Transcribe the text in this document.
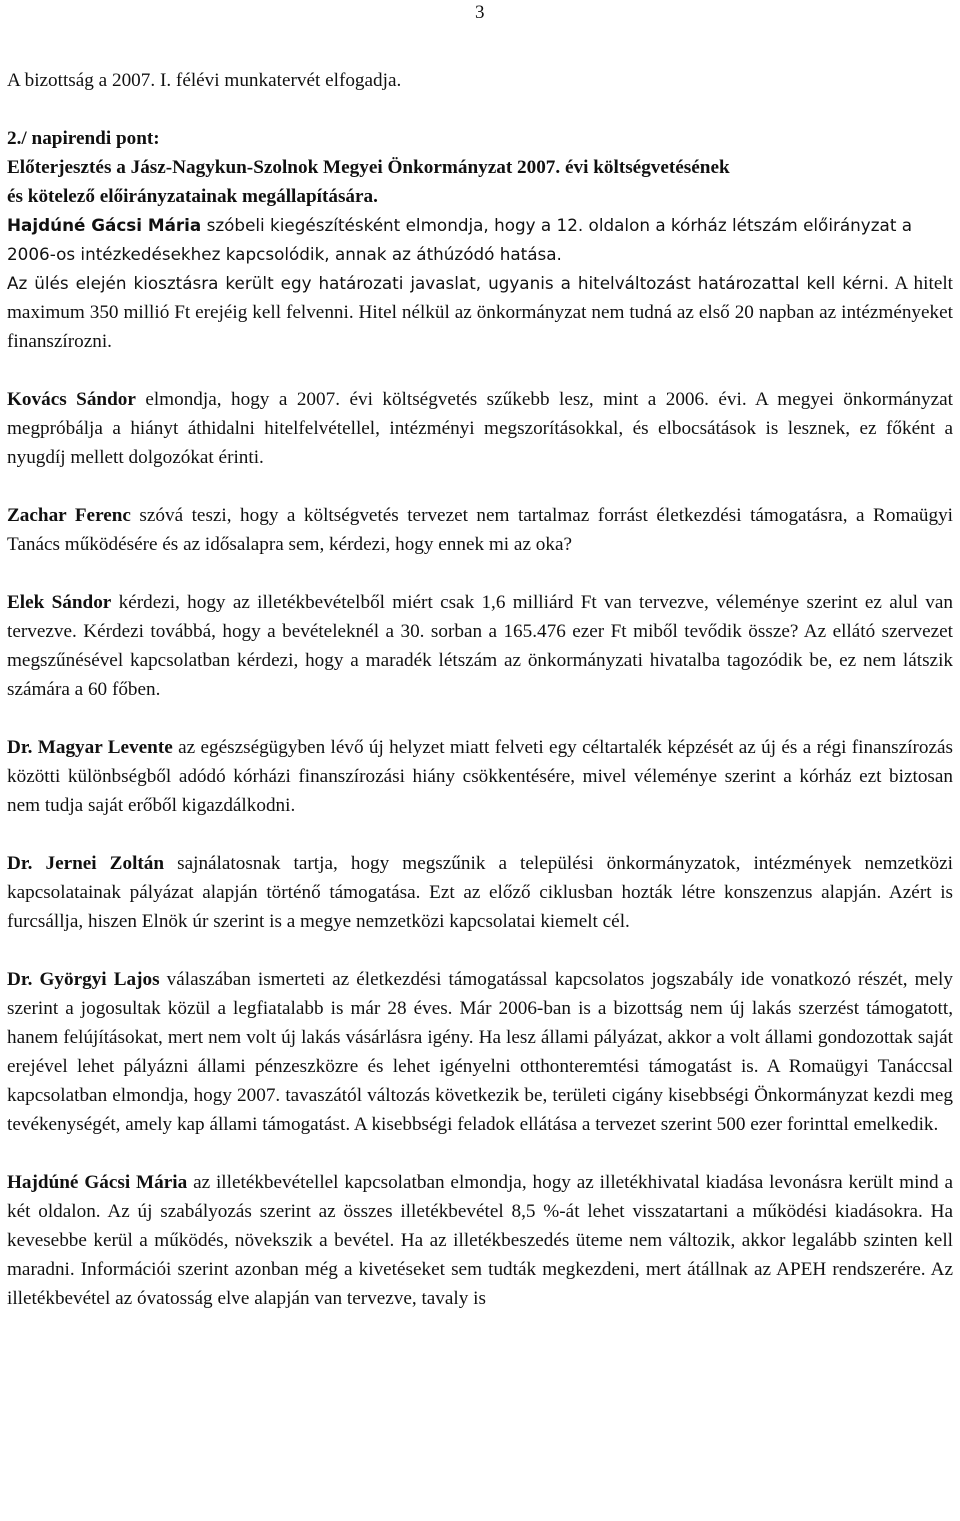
3

A bizottság a 2007. I. félévi munkatervét elfogadja.

2./ napirendi pont:
Előterjesztés a Jász-Nagykun-Szolnok Megyei Önkormányzat 2007. évi költségvetésének
és kötelező előirányzatainak megállapítására.

Hajdúné Gácsi Mária szóbeli kiegészítésként elmondja, hogy a 12. oldalon a kórház létszám előirányzat a 2006-os intézkedésekhez kapcsolódik, annak az áthúzódó hatása.

Az ülés elején kiosztásra került egy határozati javaslat, ugyanis a hitelváltozást határozattal kell kérni. A hitelt maximum 350 millió Ft erejéig kell felvenni. Hitel nélkül az önkormányzat nem tudná az első 20 napban az intézményeket finanszírozni.

Kovács Sándor elmondja, hogy a 2007. évi költségvetés szűkebb lesz, mint a 2006. évi. A megyei önkormányzat megpróbálja a hiányt áthidalni hitelfelvétellel, intézményi megszorításokkal, és elbocsátások is lesznek, ez főként a nyugdíj mellett dolgozókat érinti.

Zachar Ferenc szóvá teszi, hogy a költségvetés tervezet nem tartalmaz forrást életkezdési támogatásra, a Romaügyi Tanács működésére és az idősalapra sem, kérdezi, hogy ennek mi az oka?

Elek Sándor kérdezi, hogy az illetékbevételből miért csak 1,6 milliárd Ft van tervezve, véleménye szerint ez alul van tervezve. Kérdezi továbbá, hogy a bevételeknél a 30. sorban a 165.476 ezer Ft miből tevődik össze? Az ellátó szervezet megszűnésével kapcsolatban kérdezi, hogy a maradék létszám az önkormányzati hivatalba tagozódik be, ez nem látszik számára a 60 főben.

Dr. Magyar Levente az egészségügyben lévő új helyzet miatt felveti egy céltartalék képzését az új és a régi finanszírozás közötti különbségből adódó kórházi finanszírozási hiány csökkentésére, mivel véleménye szerint a kórház ezt biztosan nem tudja saját erőből kigazdálkodni.

Dr. Jernei Zoltán sajnálatosnak tartja, hogy megszűnik a települési önkormányzatok, intézmények nemzetközi kapcsolatainak pályázat alapján történő támogatása. Ezt az előző ciklusban hozták létre konszenzus alapján. Azért is furcsállja, hiszen Elnök úr szerint is a megye nemzetközi kapcsolatai kiemelt cél.

Dr. Györgyi Lajos válaszában ismerteti az életkezdési támogatással kapcsolatos jogszabály ide vonatkozó részét, mely szerint a jogosultak közül a legfiatalabb is már 28 éves. Már 2006-ban is a bizottság nem új lakás szerzést támogatott, hanem felújításokat, mert nem volt új lakás vásárlásra igény. Ha lesz állami pályázat, akkor a volt állami gondozottak saját erejével lehet pályázni állami pénzeszközre és lehet igényelni otthonteremtési támogatást is. A Romaügyi Tanáccsal kapcsolatban elmondja, hogy 2007. tavaszától változás következik be, területi cigány kisebbségi Önkormányzat kezdi meg tevékenységét, amely kap állami támogatást. A kisebbségi feladok ellátása a tervezet szerint 500 ezer forinttal emelkedik.

Hajdúné Gácsi Mária az illetékbevétellel kapcsolatban elmondja, hogy az illetékhivatal kiadása levonásra került mind a két oldalon. Az új szabályozás szerint az összes illetékbevétel 8,5 %-át lehet visszatartani a működési kiadásokra. Ha kevesebbe kerül a működés, növekszik a bevétel. Ha az illetékbeszedés üteme nem változik, akkor legalább szinten kell maradni. Információi szerint azonban még a kivetéseket sem tudták megkezdeni, mert átállnak az APEH rendszerére. Az illetékbevétel az óvatosság elve alapján van tervezve, tavaly is
